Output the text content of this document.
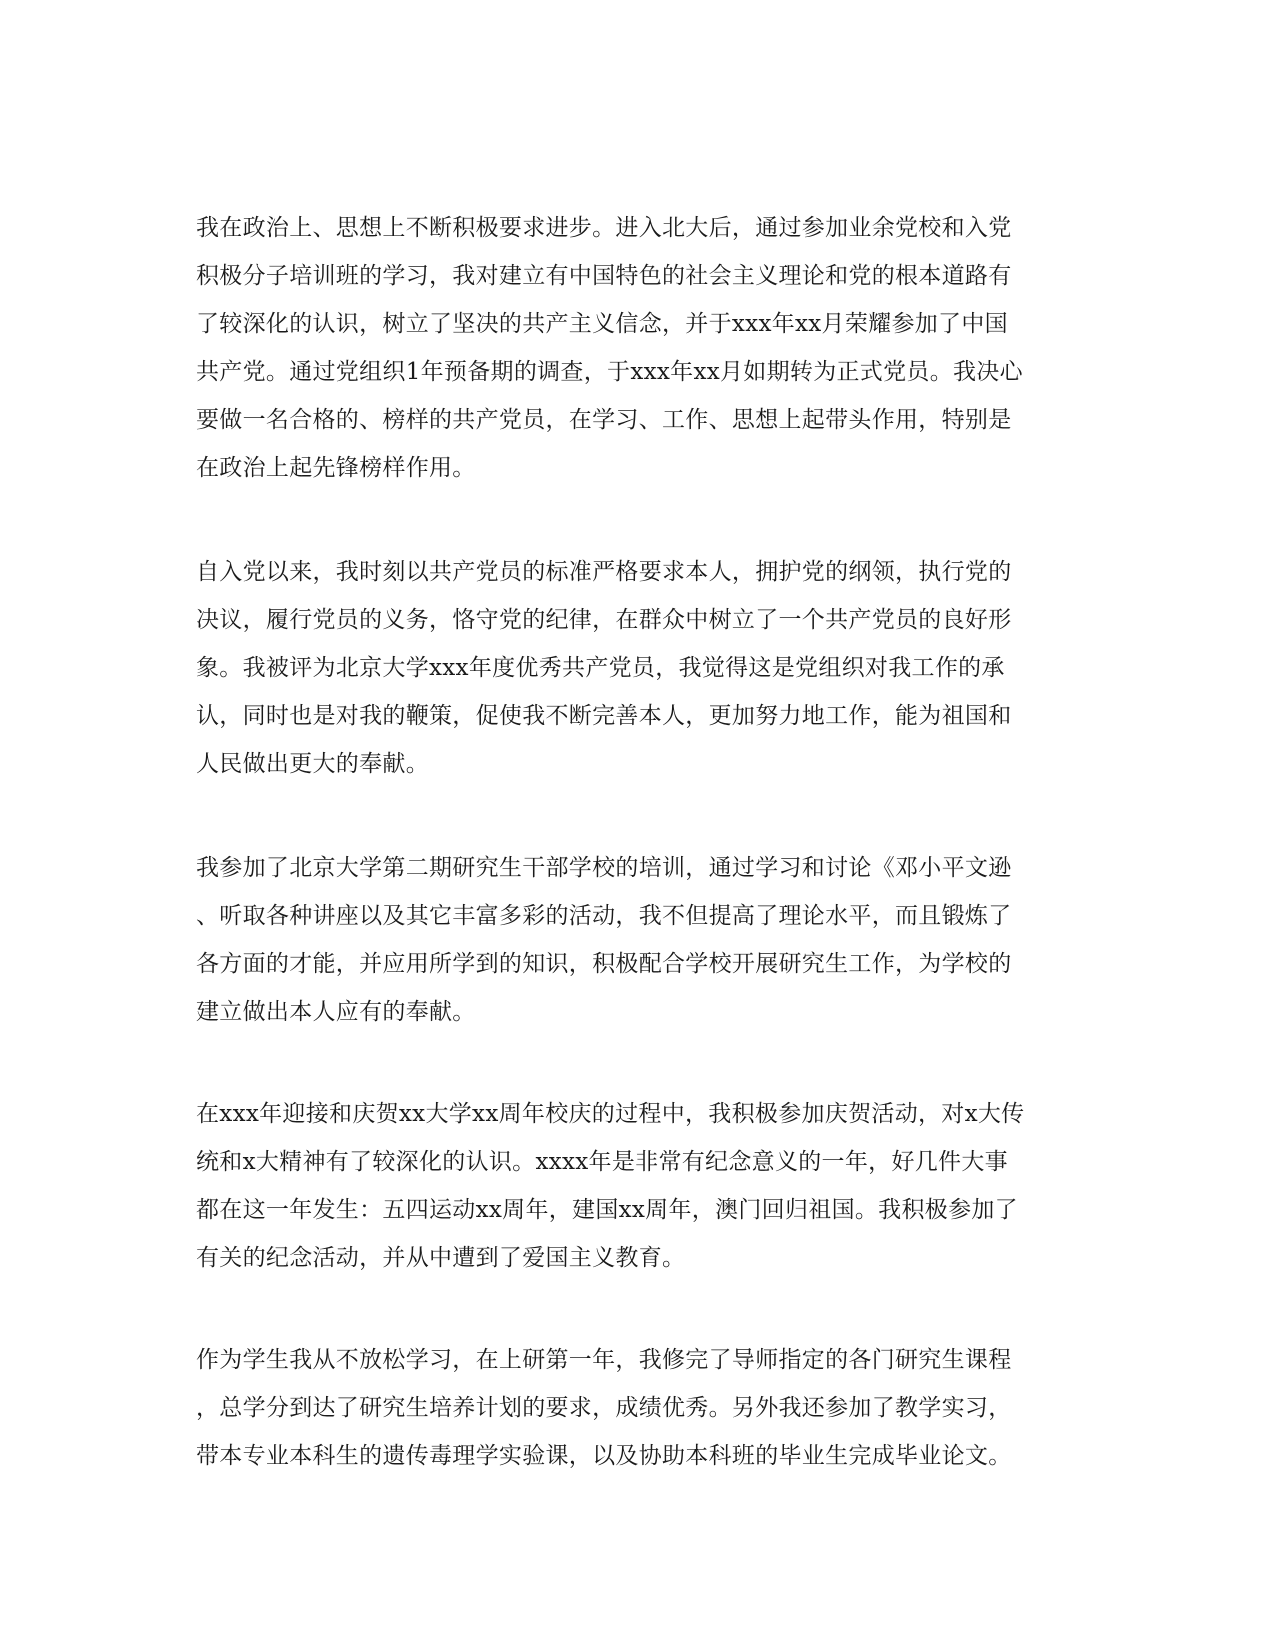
我在政治上、思想上不断积极要求进步。进入北大后，通过参加业余党校和入党
积极分子培训班的学习，我对建立有中国特色的社会主义理论和党的根本道路有
了较深化的认识，树立了坚决的共产主义信念，并于xxx年xx月荣耀参加了中国
共产党。通过党组织1年预备期的调查，于xxx年xx月如期转为正式党员。我决心
要做一名合格的、榜样的共产党员，在学习、工作、思想上起带头作用，特别是
在政治上起先锋榜样作用。
自入党以来，我时刻以共产党员的标准严格要求本人，拥护党的纲领，执行党的
决议，履行党员的义务，恪守党的纪律，在群众中树立了一个共产党员的良好形
象。我被评为北京大学xxx年度优秀共产党员，我觉得这是党组织对我工作的承
认，同时也是对我的鞭策，促使我不断完善本人，更加努力地工作，能为祖国和
人民做出更大的奉献。
我参加了北京大学第二期研究生干部学校的培训，通过学习和讨论《邓小平文逊
、听取各种讲座以及其它丰富多彩的活动，我不但提高了理论水平，而且锻炼了
各方面的才能，并应用所学到的知识，积极配合学校开展研究生工作，为学校的
建立做出本人应有的奉献。
在xxx年迎接和庆贺xx大学xx周年校庆的过程中，我积极参加庆贺活动，对x大传
统和x大精神有了较深化的认识。xxxx年是非常有纪念意义的一年，好几件大事
都在这一年发生：五四运动xx周年，建国xx周年，澳门回归祖国。我积极参加了
有关的纪念活动，并从中遭到了爱国主义教育。
作为学生我从不放松学习，在上研第一年，我修完了导师指定的各门研究生课程
，总学分到达了研究生培养计划的要求，成绩优秀。另外我还参加了教学实习，
带本专业本科生的遗传毒理学实验课，以及协助本科班的毕业生完成毕业论文。
